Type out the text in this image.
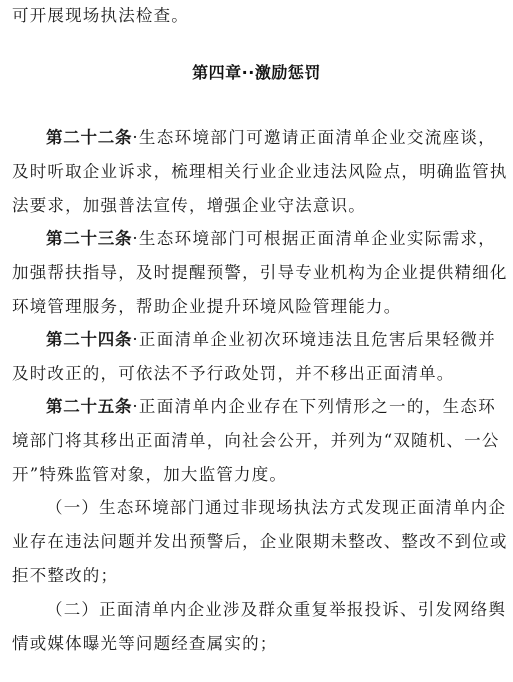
可开展现场执法检查。
第四章··激励惩罚
第二十二条·生态环境部门可邀请正面清单企业交流座谈，
及时听取企业诉求，梳理相关行业企业违法风险点，明确监管执
法要求，加强普法宣传，增强企业守法意识。
第二十三条·生态环境部门可根据正面清单企业实际需求，
加强帮扶指导，及时提醒预警，引导专业机构为企业提供精细化
环境管理服务，帮助企业提升环境风险管理能力。
第二十四条·正面清单企业初次环境违法且危害后果轻微并
及时改正的，可依法不予行政处罚，并不移出正面清单。
第二十五条·正面清单内企业存在下列情形之一的，生态环
境部门将其移出正面清单，向社会公开，并列为“双随机、一公
开”特殊监管对象，加大监管力度。
（一）生态环境部门通过非现场执法方式发现正面清单内企
业存在违法问题并发出预警后，企业限期未整改、整改不到位或
拒不整改的；
（二）正面清单内企业涉及群众重复举报投诉、引发网络舆
情或媒体曝光等问题经查属实的；
